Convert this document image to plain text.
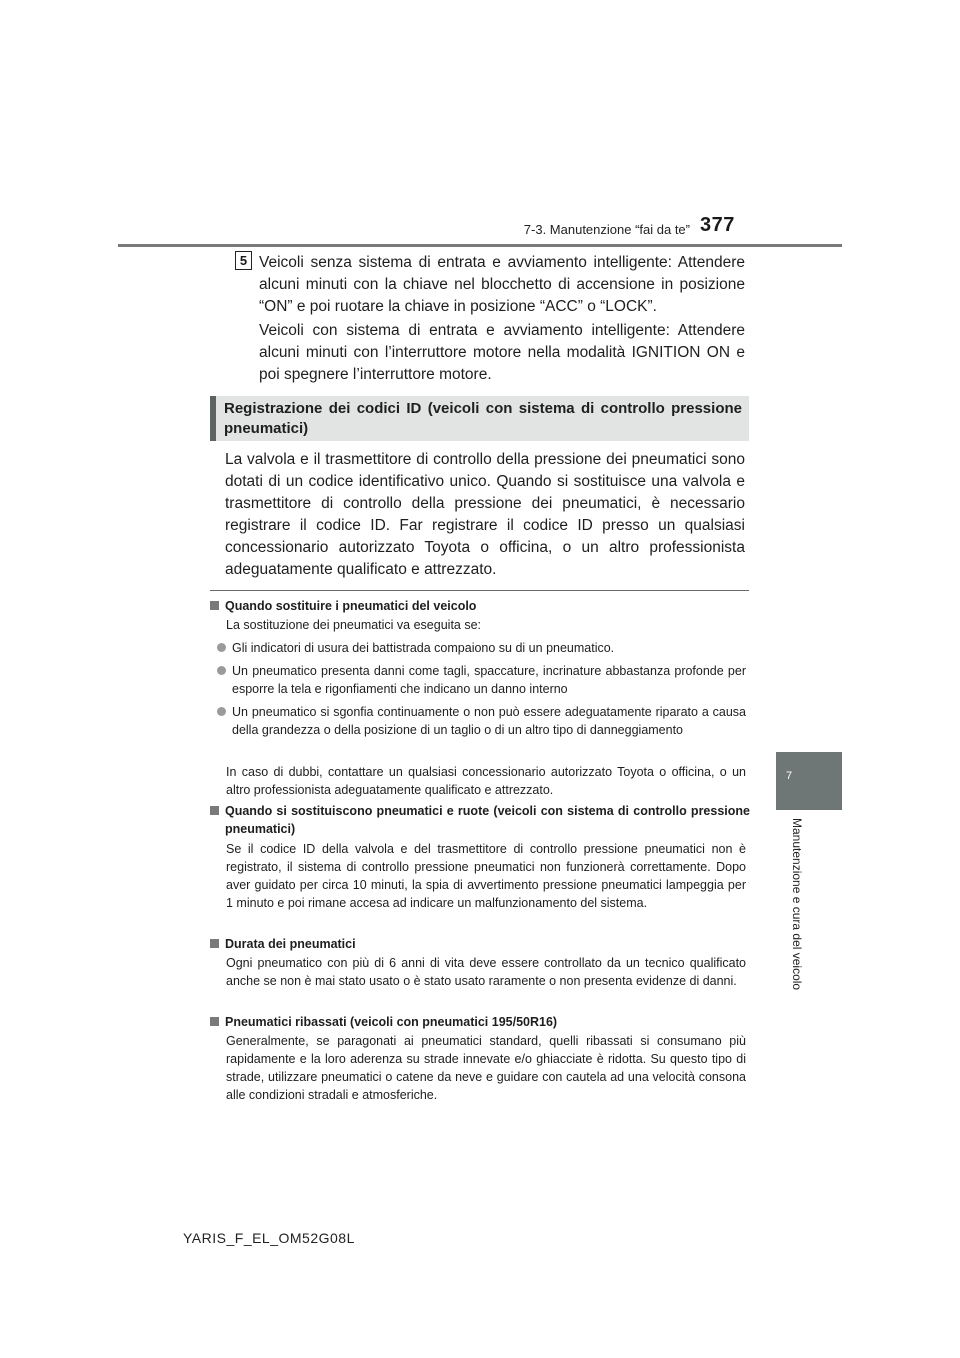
7-3. Manutenzione “fai da te” 377
7
Manutenzione e cura del veicolo
5 Veicoli senza sistema di entrata e avviamento intelligente: Attendere alcuni minuti con la chiave nel blocchetto di accensione in posizione “ON” e poi ruotare la chiave in posizione “ACC” o “LOCK”.
Veicoli con sistema di entrata e avviamento intelligente: Attendere alcuni minuti con l’interruttore motore nella modalità IGNITION ON e poi spegnere l’interruttore motore.
Registrazione dei codici ID (veicoli con sistema di controllo pressione pneumatici)
La valvola e il trasmettitore di controllo della pressione dei pneumatici sono dotati di un codice identificativo unico. Quando si sostituisce una valvola e trasmettitore di controllo della pressione dei pneumatici, è necessario registrare il codice ID. Far registrare il codice ID presso un qualsiasi concessionario autorizzato Toyota o officina, o un altro professionista adeguatamente qualificato e attrezzato.
Quando sostituire i pneumatici del veicolo
La sostituzione dei pneumatici va eseguita se:
Gli indicatori di usura dei battistrada compaiono su di un pneumatico.
Un pneumatico presenta danni come tagli, spaccature, incrinature abbastanza profonde per esporre la tela e rigonfiamenti che indicano un danno interno
Un pneumatico si sgonfia continuamente o non può essere adeguatamente riparato a causa della grandezza o della posizione di un taglio o di un altro tipo di danneggiamento
In caso di dubbi, contattare un qualsiasi concessionario autorizzato Toyota o officina, o un altro professionista adeguatamente qualificato e attrezzato.
Quando si sostituiscono pneumatici e ruote (veicoli con sistema di controllo pressione pneumatici)
Se il codice ID della valvola e del trasmettitore di controllo pressione pneumatici non è registrato, il sistema di controllo pressione pneumatici non funzionerà correttamente. Dopo aver guidato per circa 10 minuti, la spia di avvertimento pressione pneumatici lampeggia per 1 minuto e poi rimane accesa ad indicare un malfunzionamento del sistema.
Durata dei pneumatici
Ogni pneumatico con più di 6 anni di vita deve essere controllato da un tecnico qualificato anche se non è mai stato usato o è stato usato raramente o non presenta evidenze di danni.
Pneumatici ribassati (veicoli con pneumatici 195/50R16)
Generalmente, se paragonati ai pneumatici standard, quelli ribassati si consumano più rapidamente e la loro aderenza su strade innevate e/o ghiacciate è ridotta. Su questo tipo di strade, utilizzare pneumatici o catene da neve e guidare con cautela ad una velocità consona alle condizioni stradali e atmosferiche.
YARIS_F_EL_OM52G08L
